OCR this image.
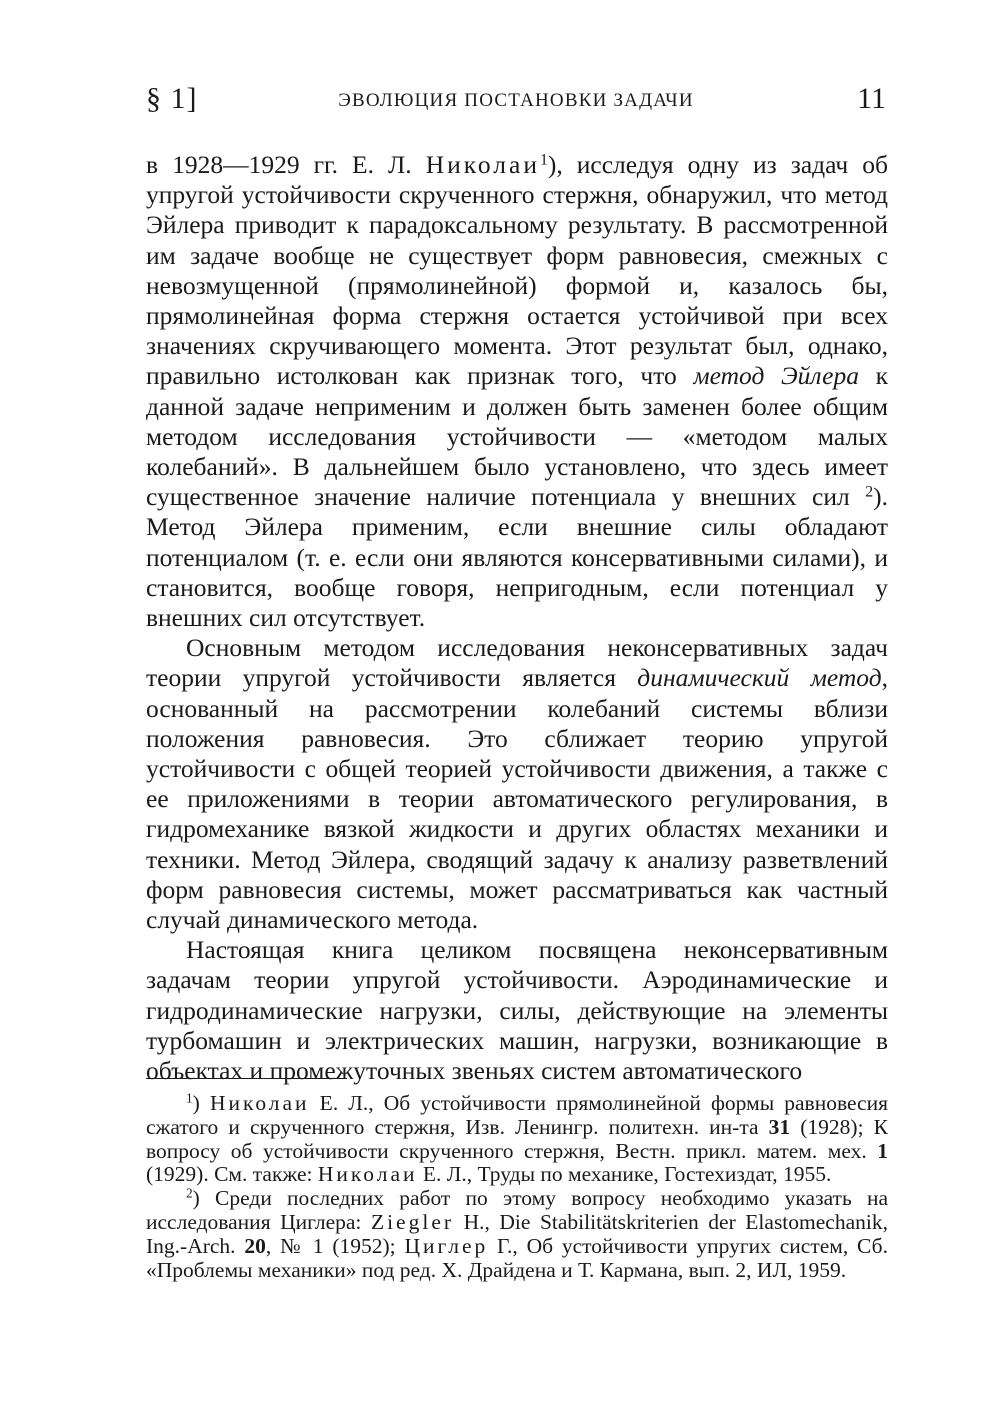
§ 1]	ЭВОЛЮЦИЯ ПОСТАНОВКИ ЗАДАЧИ	11

в 1928—1929 гг. Е. Л. Николаи$^1$), исследуя одну из задач об упругой устойчивости скрученного стержня, обнаружил, что метод Эйлера приводит к парадоксальному результату. В рассмотренной им задаче вообще не существует форм равновесия, смежных с невозмущенной (прямолинейной) формой и, казалось бы, прямолинейная форма стержня остается устойчивой при всех значениях скручивающего момента. Этот результат был, однако, правильно истолкован как признак того, что метод Эйлера к данной задаче неприменим и должен быть заменен более общим методом исследования устойчивости — «методом малых колебаний». В дальнейшем было установлено, что здесь имеет существенное значение наличие потенциала у внешних сил $^2$). Метод Эйлера применим, если внешние силы обладают потенциалом (т. е. если они являются консервативными силами), и становится, вообще говоря, непригодным, если потенциал у внешних сил отсутствует.

Основным методом исследования неконсервативных задач теории упругой устойчивости является динамический метод, основанный на рассмотрении колебаний системы вблизи положения равновесия. Это сближает теорию упругой устойчивости с общей теорией устойчивости движения, а также с ее приложениями в теории автоматического регулирования, в гидромеханике вязкой жидкости и других областях механики и техники. Метод Эйлера, сводящий задачу к анализу разветвлений форм равновесия системы, может рассматриваться как частный случай динамического метода.

Настоящая книга целиком посвящена неконсервативным задачам теории упругой устойчивости. Аэродинамические и гидродинамические нагрузки, силы, действующие на элементы турбомашин и электрических машин, нагрузки, возникающие в объектах и промежуточных звеньях систем автоматического

$^1$) Николаи Е. Л., Об устойчивости прямолинейной формы равновесия сжатого и скрученного стержня, Изв. Ленингр. политехн. ин-та 31 (1928); К вопросу об устойчивости скрученного стержня, Вестн. прикл. матем. мех. 1 (1929). См. также: Николаи Е. Л., Труды по механике, Гостехиздат, 1955.

$^2$) Среди последних работ по этому вопросу необходимо указать на исследования Циглера: Ziegler H., Die Stabilitätskriterien der Elastomechanik, Ing.-Arch. 20, № 1 (1952); Циглер Г., Об устойчивости упругих систем, Сб. «Проблемы механики» под ред. Х. Драйдена и Т. Кармана, вып. 2, ИЛ, 1959.
